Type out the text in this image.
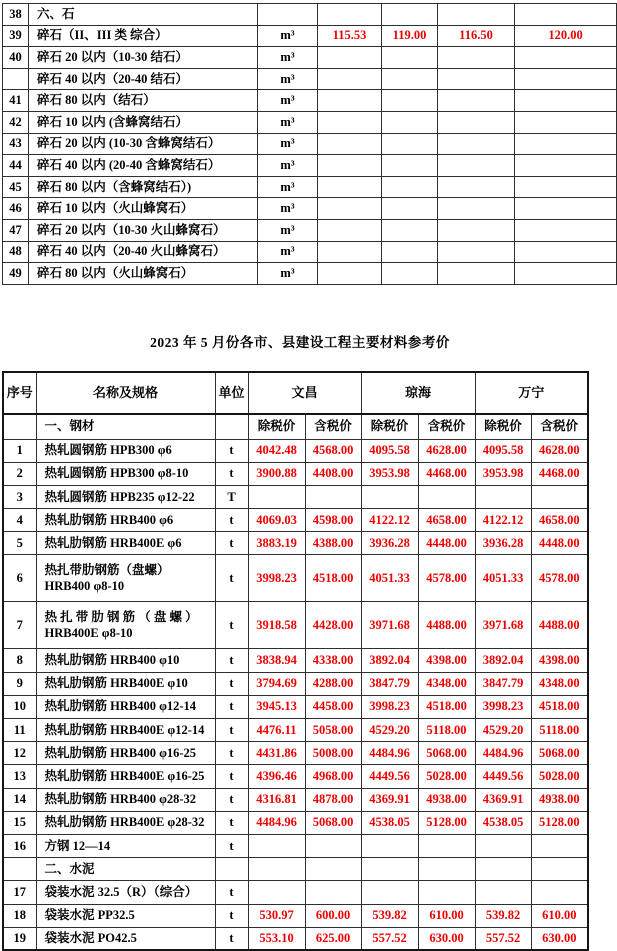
38	六、石					
39	碎石（II、III 类 综合）	m³	115.53	119.00	116.50	120.00
40	碎石 20 以内（10-30 结石）	m³				
	碎石 40 以内（20-40 结石）	m³				
41	碎石 80 以内（结石）	m³				
42	碎石 10 以内 (含蜂窝结石）	m³				
43	碎石 20 以内 (10-30 含蜂窝结石）	m³				
44	碎石 40 以内 (20-40 含蜂窝结石）	m³				
45	碎石 80 以内（含蜂窝结石）)	m³				
46	碎石 10 以内（火山蜂窝石）	m³				
47	碎石 20 以内（10-30 火山蜂窝石）	m³				
48	碎石 40 以内（20-40 火山蜂窝石）	m³				
49	碎石 80 以内（火山蜂窝石）	m³				
2023 年 5 月份各市、县建设工程主要材料参考价
序号	名称及规格	单位	文昌		琼海		万宁	
	一、钢材		除税价	含税价	除税价	含税价	除税价	含税价
1	热轧圆钢筋 HPB300 φ6	t	4042.48	4568.00	4095.58	4628.00	4095.58	4628.00
2	热轧圆钢筋 HPB300 φ8-10	t	3900.88	4408.00	3953.98	4468.00	3953.98	4468.00
3	热轧圆钢筋 HPB235 φ12-22	T						
4	热轧肋钢筋 HRB400 φ6	t	4069.03	4598.00	4122.12	4658.00	4122.12	4658.00
5	热轧肋钢筋 HRB400E φ6	t	3883.19	4388.00	3936.28	4448.00	3936.28	4448.00
6	热扎带肋钢筋（盘螺）HRB400 φ8-10	t	3998.23	4518.00	4051.33	4578.00	4051.33	4578.00
7	热 扎 带 肋 钢 筋 （ 盘 螺 ） HRB400E φ8-10	t	3918.58	4428.00	3971.68	4488.00	3971.68	4488.00
8	热轧肋钢筋 HRB400 φ10	t	3838.94	4338.00	3892.04	4398.00	3892.04	4398.00
9	热轧肋钢筋 HRB400E φ10	t	3794.69	4288.00	3847.79	4348.00	3847.79	4348.00
10	热轧肋钢筋 HRB400 φ12-14	t	3945.13	4458.00	3998.23	4518.00	3998.23	4518.00
11	热轧肋钢筋 HRB400E φ12-14	t	4476.11	5058.00	4529.20	5118.00	4529.20	5118.00
12	热轧肋钢筋 HRB400 φ16-25	t	4431.86	5008.00	4484.96	5068.00	4484.96	5068.00
13	热轧肋钢筋 HRB400E φ16-25	t	4396.46	4968.00	4449.56	5028.00	4449.56	5028.00
14	热轧肋钢筋 HRB400 φ28-32	t	4316.81	4878.00	4369.91	4938.00	4369.91	4938.00
15	热轧肋钢筋 HRB400E φ28-32	t	4484.96	5068.00	4538.05	5128.00	4538.05	5128.00
16	方钢 12—14	t						
	二、水泥							
17	袋装水泥 32.5（R）（综合）	t						
18	袋装水泥 PP32.5	t	530.97	600.00	539.82	610.00	539.82	610.00
19	袋装水泥 PO42.5	t	553.10	625.00	557.52	630.00	557.52	630.00
